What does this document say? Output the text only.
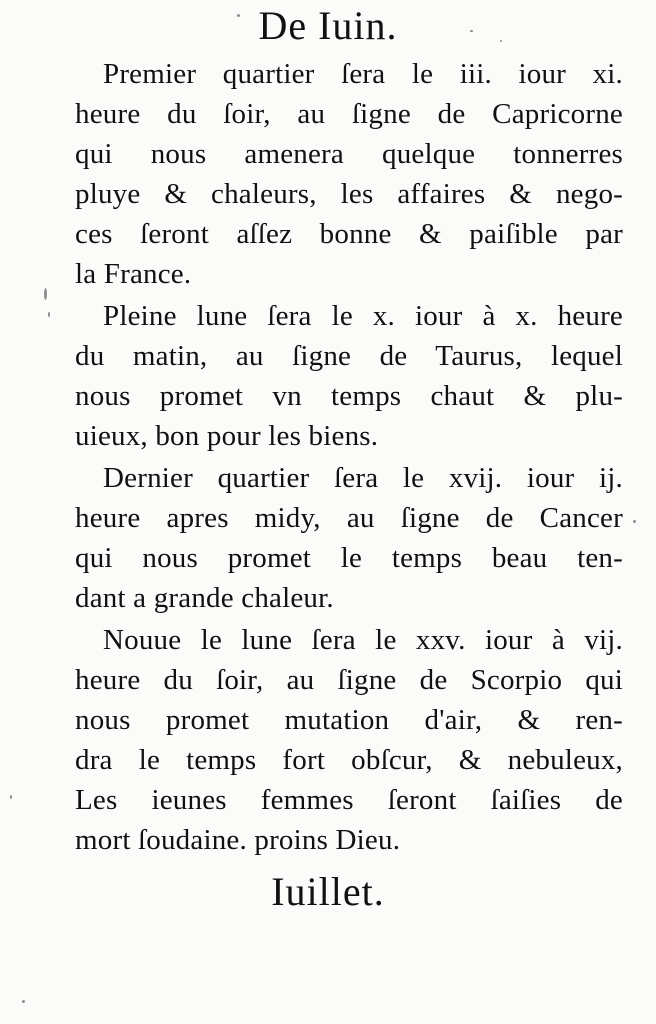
De Iuin.
Premier quartier ſera le iii. iour xi.
heure du ſoir, au ſigne de Capricorne
qui nous amenera quelque tonnerres
pluye & chaleurs, les affaires & nego-
ces ſeront aſſez bonne & paiſible par
la France.
Pleine lune ſera le x. iour à x. heure
du matin, au ſigne de Taurus, lequel
nous promet vn temps chaut & plu-
uieux, bon pour les biens.
Dernier quartier ſera le xvij. iour ij.
heure apres midy, au ſigne de Cancer
qui nous promet le temps beau ten-
dant a grande chaleur.
Nouue le lune ſera le xxv. iour à vij.
heure du ſoir, au ſigne de Scorpio qui
nous promet mutation d'air, & ren-
dra le temps fort obſcur, & nebuleux,
Les ieunes femmes ſeront ſaiſies de
mort ſoudaine. proins Dieu.
Iuillet.
